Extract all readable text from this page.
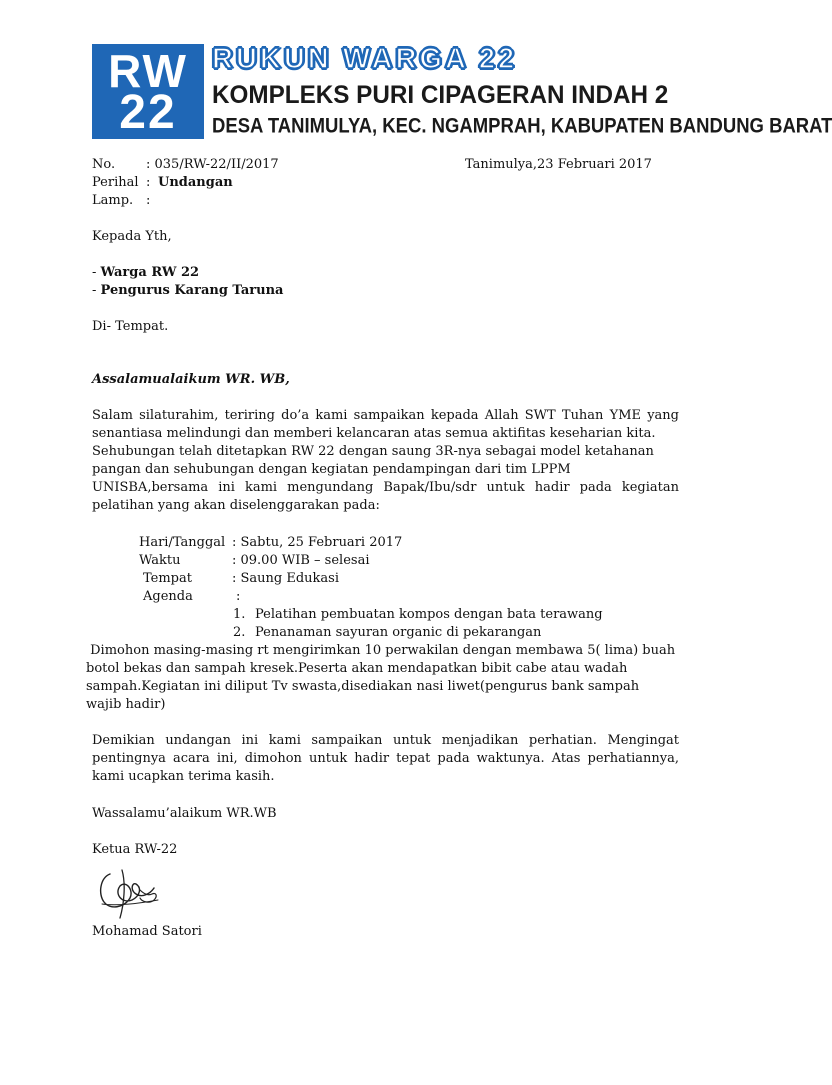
RW
22

RUKUN WARGA 22

KOMPLEKS PURI CIPAGERAN INDAH 2

DESA TANIMULYA, KEC. NGAMPRAH, KABUPATEN BANDUNG BARAT

No. : 035/RW-22/II/2017	Tanimulya,23 Februari 2017
Perihal : Undangan
Lamp. :
Kepada Yth,
- Warga RW 22
- Pengurus Karang Taruna
Di- Tempat.
Assalamualaikum WR. WB,
Salam silaturahim, teriring do’a kami sampaikan kepada Allah SWT Tuhan YME yang
senantiasa melindungi dan memberi kelancaran atas semua aktifitas keseharian kita.
Sehubungan telah ditetapkan RW 22 dengan saung 3R-nya sebagai model ketahanan
pangan dan sehubungan dengan kegiatan pendampingan dari tim LPPM
UNISBA,bersama ini kami mengundang Bapak/Ibu/sdr untuk hadir pada kegiatan
pelatihan yang akan diselenggarakan pada:
Hari/Tanggal : Sabtu, 25 Februari 2017
Waktu	: 09.00 WIB – selesai
Tempat	: Saung Edukasi
Agenda	:
1. Pelatihan pembuatan kompos dengan bata terawang
2. Penanaman sayuran organic di pekarangan
Dimohon masing-masing rt mengirimkan 10 perwakilan dengan membawa 5( lima) buah
botol bekas dan sampah kresek.Peserta akan mendapatkan bibit cabe atau wadah
sampah.Kegiatan ini diliput Tv swasta,disediakan nasi liwet(pengurus bank sampah
wajib hadir)
Demikian undangan ini kami sampaikan untuk menjadikan perhatian. Mengingat
pentingnya acara ini, dimohon untuk hadir tepat pada waktunya. Atas perhatiannya,
kami ucapkan terima kasih.
Wassalamu’alaikum WR.WB
Ketua RW-22
Mohamad Satori
